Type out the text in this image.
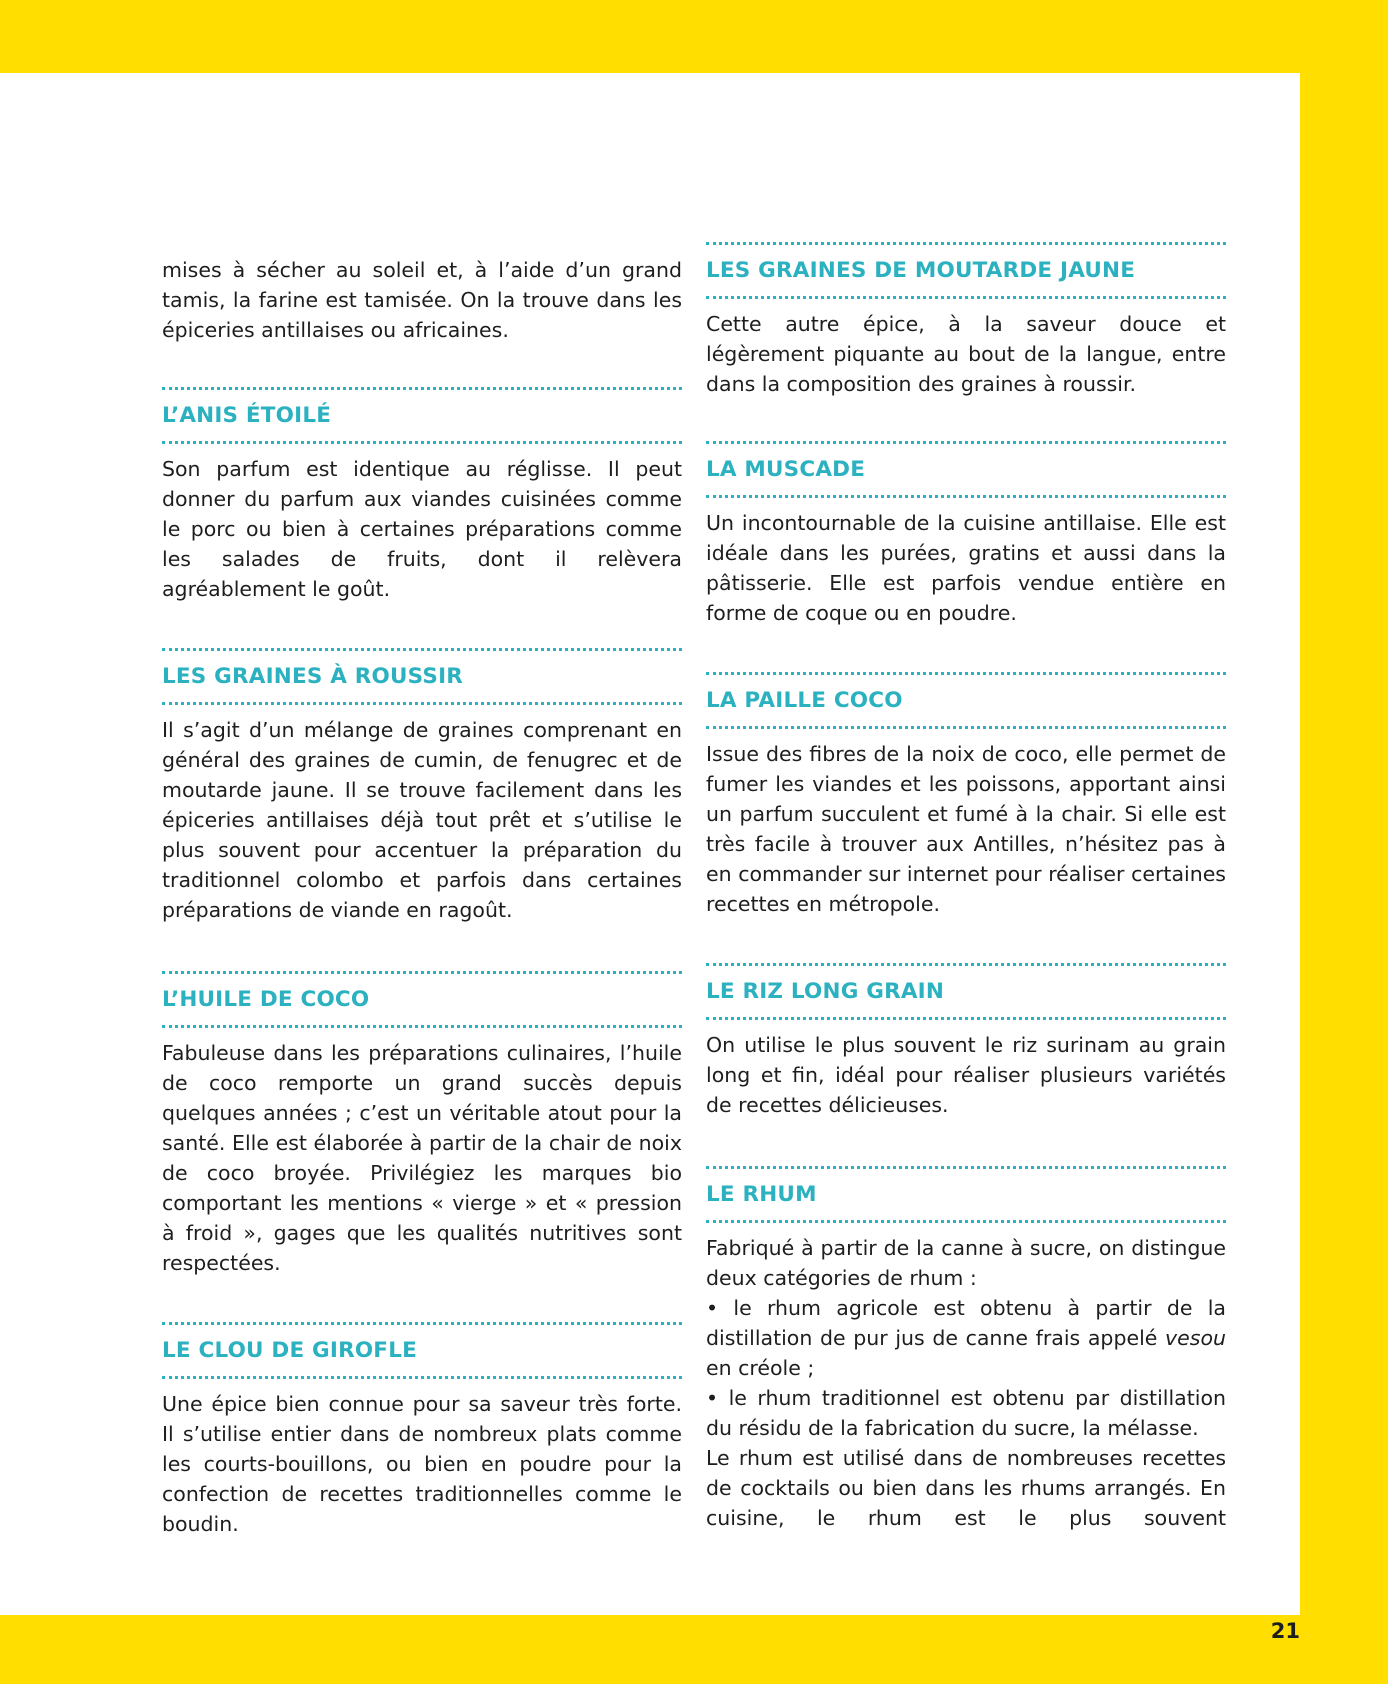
mises à sécher au soleil et, à l’aide d’un grand tamis, la farine est tamisée. On la trouve dans les épiceries antillaises ou africaines.

L’ANIS ÉTOILÉ

Son parfum est identique au réglisse. Il peut donner du parfum aux viandes cuisinées comme le porc ou bien à certaines préparations comme les salades de fruits, dont il relèvera agréablement le goût.

LES GRAINES À ROUSSIR

Il s’agit d’un mélange de graines comprenant en général des graines de cumin, de fenugrec et de moutarde jaune. Il se trouve facilement dans les épiceries antillaises déjà tout prêt et s’utilise le plus souvent pour accentuer la préparation du traditionnel colombo et parfois dans certaines préparations de viande en ragoût.

L’HUILE DE COCO

Fabuleuse dans les préparations culinaires, l’huile de coco remporte un grand succès depuis quelques années ; c’est un véritable atout pour la santé. Elle est élaborée à partir de la chair de noix de coco broyée. Privilégiez les marques bio comportant les mentions « vierge » et « pression à froid », gages que les qualités nutritives sont respectées.

LE CLOU DE GIROFLE

Une épice bien connue pour sa saveur très forte. Il s’utilise entier dans de nombreux plats comme les courts-bouillons, ou bien en poudre pour la confection de recettes traditionnelles comme le boudin.

LES GRAINES DE MOUTARDE JAUNE

Cette autre épice, à la saveur douce et légèrement piquante au bout de la langue, entre dans la composition des graines à roussir.

LA MUSCADE

Un incontournable de la cuisine antillaise. Elle est idéale dans les purées, gratins et aussi dans la pâtisserie. Elle est parfois vendue entière en forme de coque ou en poudre.

LA PAILLE COCO

Issue des fibres de la noix de coco, elle permet de fumer les viandes et les poissons, apportant ainsi un parfum succulent et fumé à la chair. Si elle est très facile à trouver aux Antilles, n’hésitez pas à en commander sur internet pour réaliser certaines recettes en métropole.

LE RIZ LONG GRAIN

On utilise le plus souvent le riz surinam au grain long et fin, idéal pour réaliser plusieurs variétés de recettes délicieuses.

LE RHUM
Fabriqué à partir de la canne à sucre, on distingue deux catégories de rhum :
• le rhum agricole est obtenu à partir de la distillation de pur jus de canne frais appelé vesou en créole ;
• le rhum traditionnel est obtenu par distillation du résidu de la fabrication du sucre, la mélasse.
Le rhum est utilisé dans de nombreuses recettes de cocktails ou bien dans les rhums arrangés. En cuisine, le rhum est le plus souvent
21
